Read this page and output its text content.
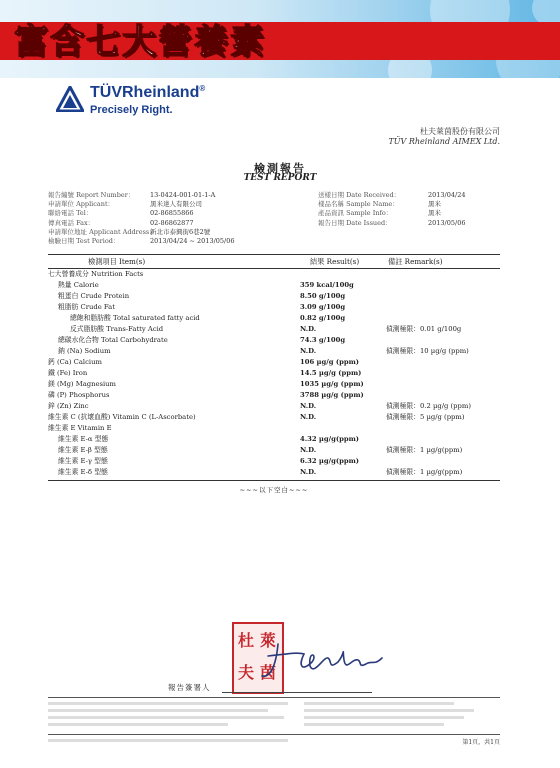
富含七大營養素
TÜVRheinland®
Precisely Right.
杜夫萊茵股份有限公司
TÜV Rheinland AIMEX Ltd.
檢測報告
TEST REPORT
報告編號 Report Number： 13-0424-001-01-1-A
申請單位 Applicant：	黑米達人有限公司
聯絡電話 Tel：	02-86855866
傳真電話 Fax：	02-86862877
申請單位地址 Applicant Address：新北市泰興街6巷2號
檢驗日期 Test Period：	2013/04/24 ~ 2013/05/06
送樣日期 Date Received：	2013/04/24
樣品名稱 Sample Name：	黑米
產品資訊 Sample Info：	黑米
報告日期 Date Issued：	2013/05/06
檢測項目 Item(s)	結果 Result(s)	備註 Remark(s)
七大營養成分 Nutrition Facts
熱量 Calorie	359 kcal/100g
粗蛋白 Crude Protein	8.50 g/100g
粗脂肪 Crude Fat	3.09 g/100g
總飽和脂肪酸 Total saturated fatty acid	0.82 g/100g
反式脂肪酸 Trans-Fatty Acid	N.D.	偵測極限：0.01 g/100g
總碳水化合物 Total Carbohydrate	74.3 g/100g
鈉 (Na) Sodium	N.D.	偵測極限：10 µg/g (ppm)
鈣 (Ca) Calcium	106 µg/g (ppm)
鐵 (Fe) Iron	14.5 µg/g (ppm)
鎂 (Mg) Magnesium	1035 µg/g (ppm)
磷 (P) Phosphorus	3788 µg/g (ppm)
鋅 (Zn) Zinc	N.D.	偵測極限：0.2 µg/g (ppm)
維生素 C (抗壞血酸) Vitamin C (L-Ascorbate)	N.D.	偵測極限：5 µg/g (ppm)
維生素 E Vitamin E
維生素 E-α 型態	4.32 µg/g(ppm)
維生素 E-β 型態	N.D.	偵測極限：1 µg/g(ppm)
維生素 E-γ 型態	6.32 µg/g(ppm)
維生素 E-δ 型態	N.D.	偵測極限：1 µg/g(ppm)
~~~以下空白~~~
杜 萊
夫 茵
報告簽署人
第1頁，共1頁
